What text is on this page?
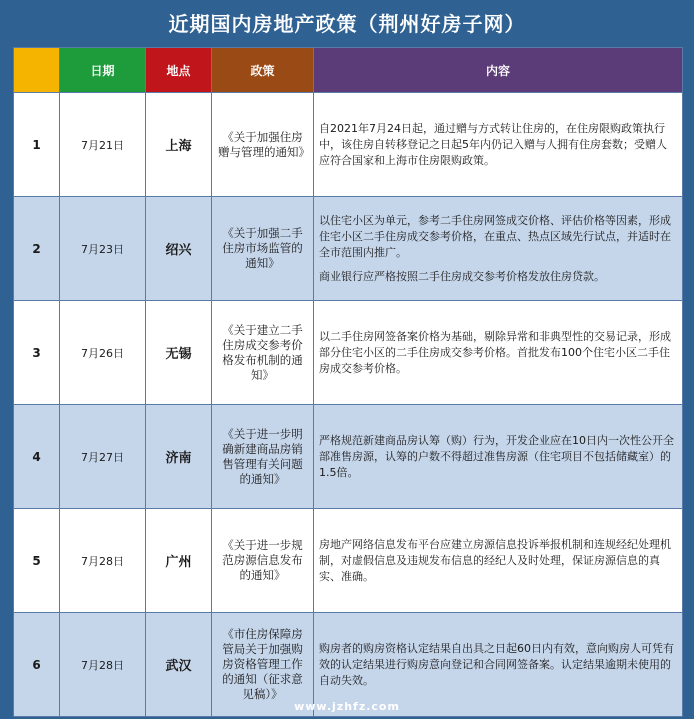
近期国内房地产政策（荆州好房子网）
	日期	地点	政策	内容
1	7月21日	上海	《关于加强住房赠与管理的通知》	自2021年7月24日起，通过赠与方式转让住房的，在住房限购政策执行中，该住房自转移登记之日起5年内仍记入赠与人拥有住房套数；受赠人应符合国家和上海市住房限购政策。

2	7月23日	绍兴	《关于加强二手住房市场监管的通知》	以住宅小区为单元，参考二手住房网签成交价格、评估价格等因素，形成住宅小区二手住房成交参考价格，在重点、热点区域先行试点，并适时在全市范围内推广。

商业银行应严格按照二手住房成交参考价格发放住房贷款。

3	7月26日	无锡	《关于建立二手住房成交参考价格发布机制的通知》	以二手住房网签备案价格为基础，剔除异常和非典型性的交易记录，形成部分住宅小区的二手住房成交参考价格。首批发布100个住宅小区二手住房成交参考价格。

4	7月27日	济南	《关于进一步明确新建商品房销售管理有关问题的通知》	严格规范新建商品房认筹（购）行为，开发企业应在10日内一次性公开全部准售房源，认筹的户数不得超过准售房源（住宅项目不包括储藏室）的1.5倍。

5	7月28日	广州	《关于进一步规范房源信息发布的通知》	房地产网络信息发布平台应建立房源信息投诉举报机制和连规经纪处理机制，对虚假信息及违规发布信息的经纪人及时处理，保证房源信息的真实、准确。

6	7月28日	武汉	《市住房保障房管局关于加强购房资格管理工作的通知（征求意见稿）》	购房者的购房资格认定结果自出具之日起60日内有效，意向购房人可凭有效的认定结果进行购房意向登记和合同网签备案。认定结果逾期未使用的自动失效。

www.jzhfz.com
